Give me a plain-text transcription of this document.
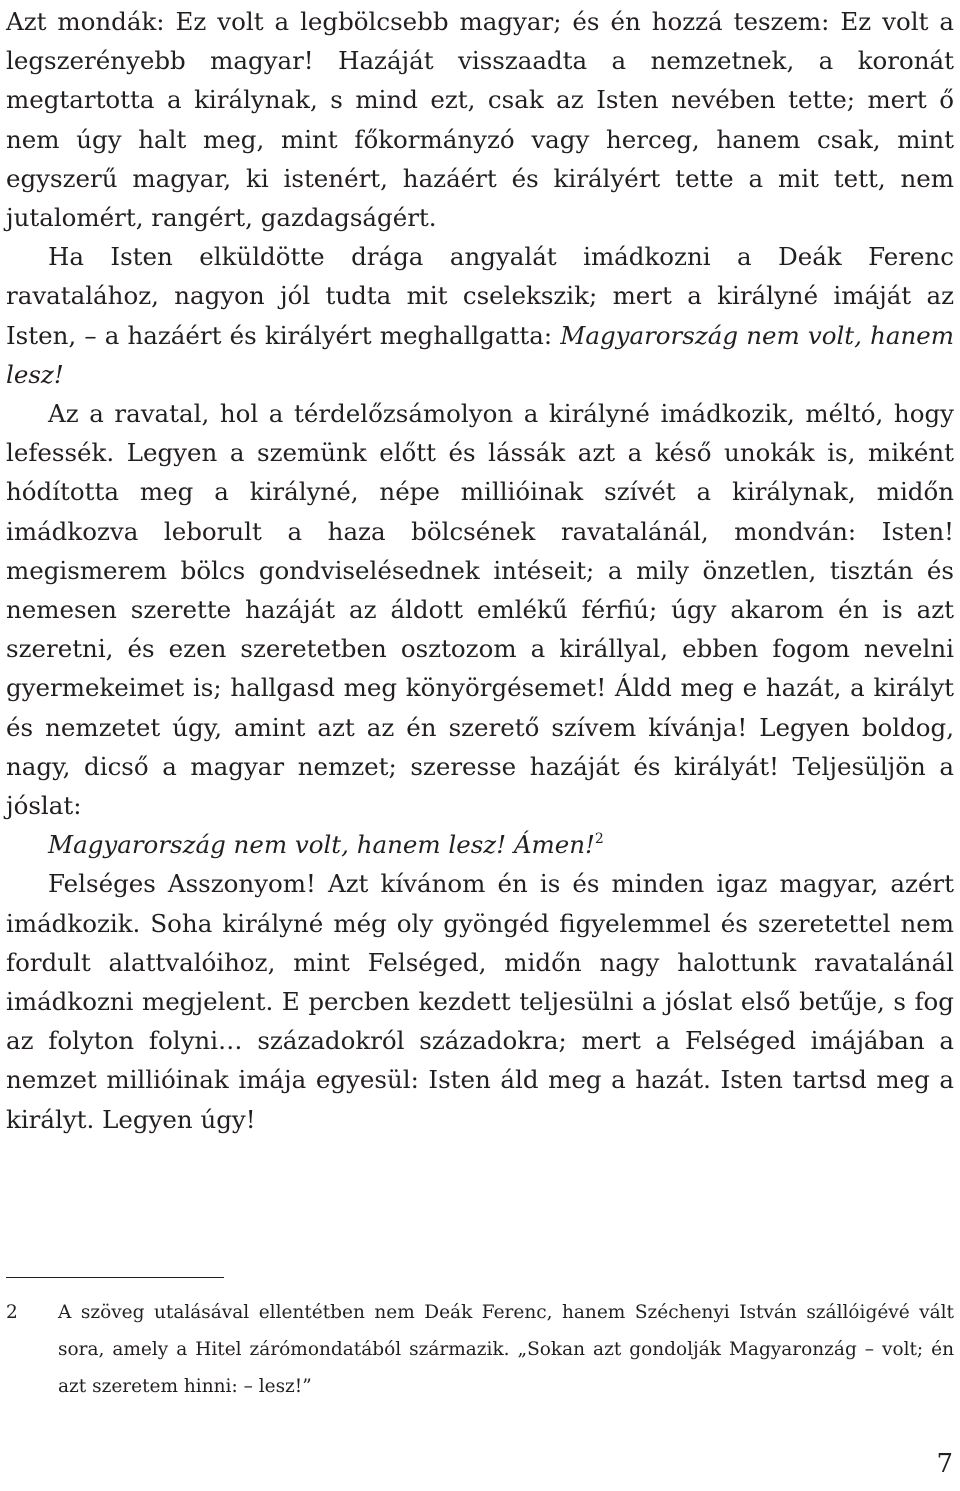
Azt mondák: Ez volt a legbölcsebb magyar; és én hozzá teszem: Ez volt a legszerényebb magyar! Hazáját visszaadta a nemzetnek, a koronát megtartotta a királynak, s mind ezt, csak az Isten nevében tette; mert ő nem úgy halt meg, mint főkormányzó vagy herceg, hanem csak, mint egyszerű magyar, ki istenért, hazáért és királyért tette a mit tett, nem jutalomért, rangért, gazdagságért.

Ha Isten elküldötte drága angyalát imádkozni a Deák Ferenc ravatalához, nagyon jól tudta mit cselekszik; mert a királyné imáját az Isten, – a hazáért és királyért meghallgatta: Magyarország nem volt, hanem lesz!

Az a ravatal, hol a térdelőzsámolyon a királyné imádkozik, méltó, hogy lefessék. Legyen a szemünk előtt és lássák azt a késő unokák is, miként hódította meg a királyné, népe millióinak szívét a királynak, midőn imádkozva leborult a haza bölcsének ravatalánál, mondván: Isten! megismerem bölcs gondviselésednek intéseit; a mily önzetlen, tisztán és nemesen szerette hazáját az áldott emlékű férfiú; úgy akarom én is azt szeretni, és ezen szeretetben osztozom a királlyal, ebben fogom nevelni gyermekeimet is; hallgasd meg könyörgésemet! Áldd meg e hazát, a királyt és nemzetet úgy, amint azt az én szerető szívem kívánja! Legyen boldog, nagy, dicső a magyar nemzet; szeresse hazáját és királyát! Teljesüljön a jóslat:

Magyarország nem volt, hanem lesz! Ámen!$^2$

Felséges Asszonyom! Azt kívánom én is és minden igaz magyar, azért imádkozik. Soha királyné még oly gyöngéd figyelemmel és szeretettel nem fordult alattvalóihoz, mint Felséged, midőn nagy halottunk ravatalánál imádkozni megjelent. E percben kezdett teljesülni a jóslat első betűje, s fog az folyton folyni… századokról századokra; mert a Felséged imájában a nemzet millióinak imája egyesül: Isten áld meg a hazát. Isten tartsd meg a királyt. Legyen úgy!

2 A szöveg utalásával ellentétben nem Deák Ferenc, hanem Széchenyi István szállóigévé vált sora, amely a Hitel zárómondatából származik. „Sokan azt gondolják Magyaronzág – volt; én azt szeretem hinni: – lesz!”
7
